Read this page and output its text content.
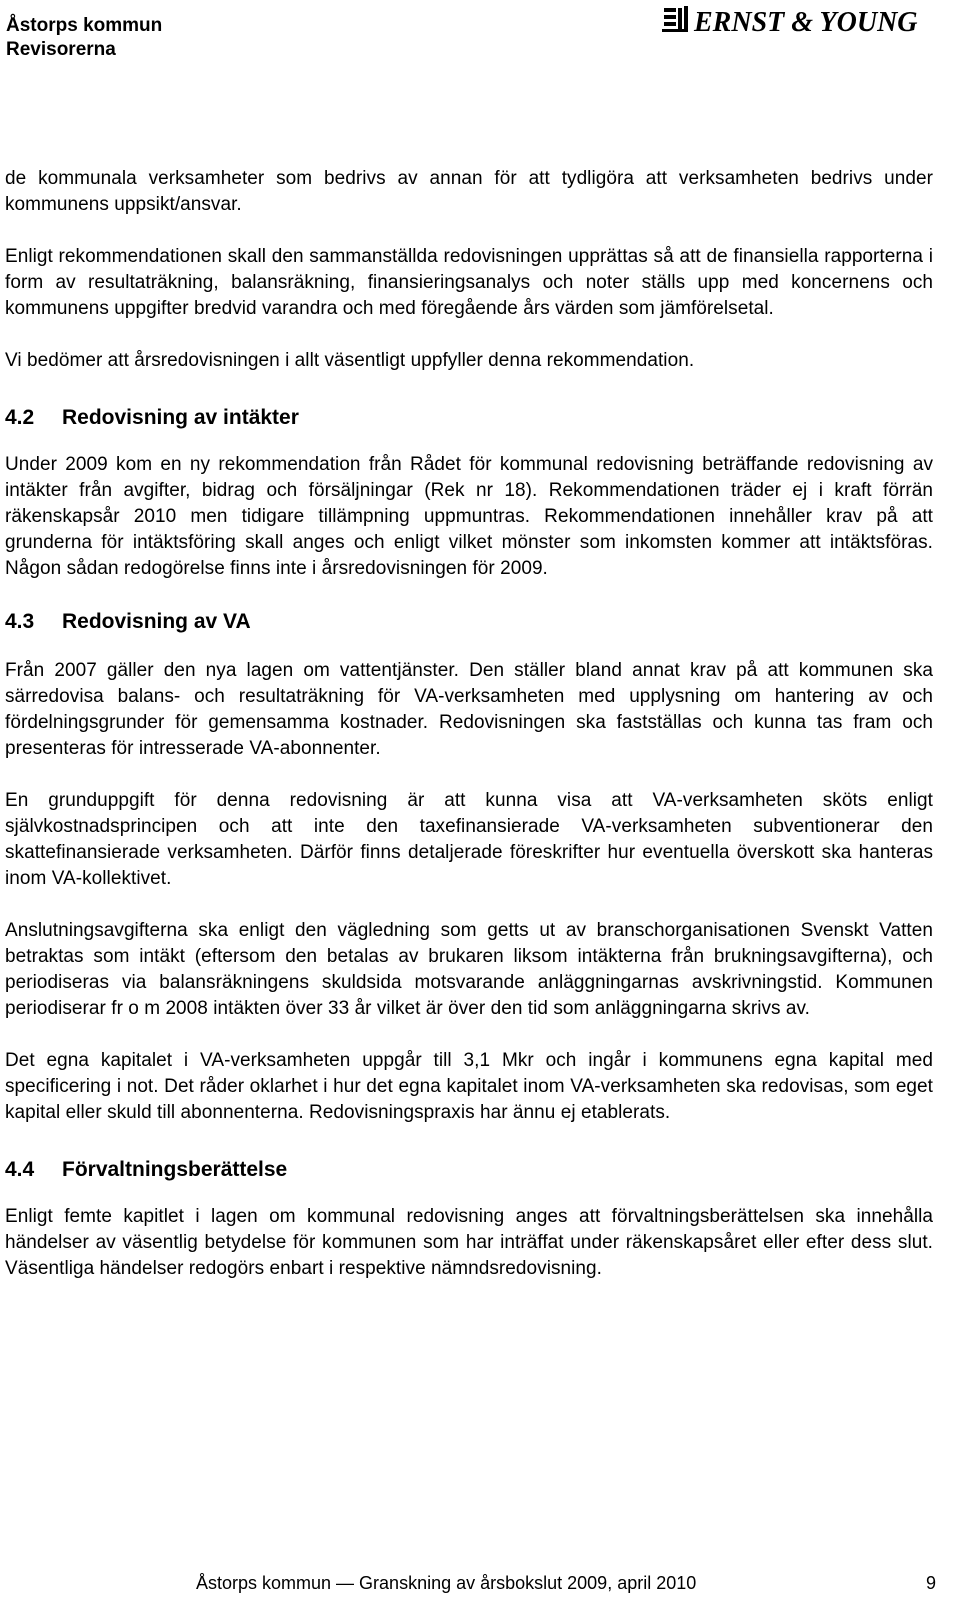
Åstorps kommun
Revisorerna
ERNST & YOUNG

de kommunala verksamheter som bedrivs av annan för att tydligöra att verksamheten bedrivs under kommunens uppsikt/ansvar.

Enligt rekommendationen skall den sammanställda redovisningen upprättas så att de finansiella rapporterna i form av resultaträkning, balansräkning, finansieringsanalys och noter ställs upp med koncernens och kommunens uppgifter bredvid varandra och med föregående års värden som jämförelsetal.

Vi bedömer att årsredovisningen i allt väsentligt uppfyller denna rekommendation.

4.2	Redovisning av intäkter

Under 2009 kom en ny rekommendation från Rådet för kommunal redovisning beträffande redovisning av intäkter från avgifter, bidrag och försäljningar (Rek nr 18). Rekommendationen träder ej i kraft förrän räkenskapsår 2010 men tidigare tillämpning uppmuntras. Rekommendationen innehåller krav på att grunderna för intäktsföring skall anges och enligt vilket mönster som inkomsten kommer att intäktsföras. Någon sådan redogörelse finns inte i årsredovisningen för 2009.

4.3	Redovisning av VA

Från 2007 gäller den nya lagen om vattentjänster. Den ställer bland annat krav på att kommunen ska särredovisa balans- och resultaträkning för VA-verksamheten med upplysning om hantering av och fördelningsgrunder för gemensamma kostnader. Redovisningen ska fastställas och kunna tas fram och presenteras för intresserade VA-abonnenter.

En grunduppgift för denna redovisning är att kunna visa att VA-verksamheten sköts enligt självkostnadsprincipen och att inte den taxefinansierade VA-verksamheten subventionerar den skattefinansierade verksamheten. Därför finns detaljerade föreskrifter hur eventuella överskott ska hanteras inom VA-kollektivet.

Anslutningsavgifterna ska enligt den vägledning som getts ut av branschorganisationen Svenskt Vatten betraktas som intäkt (eftersom den betalas av brukaren liksom intäkterna från brukningsavgifterna), och periodiseras via balansräkningens skuldsida motsvarande anläggningarnas avskrivningstid. Kommunen periodiserar fr o m 2008 intäkten över 33 år vilket är över den tid som anläggningarna skrivs av.

Det egna kapitalet i VA-verksamheten uppgår till 3,1 Mkr och ingår i kommunens egna kapital med specificering i not. Det råder oklarhet i hur det egna kapitalet inom VA-verksamheten ska redovisas, som eget kapital eller skuld till abonnenterna. Redovisningspraxis har ännu ej etablerats.

4.4	Förvaltningsberättelse

Enligt femte kapitlet i lagen om kommunal redovisning anges att förvaltningsberättelsen ska innehålla händelser av väsentlig betydelse för kommunen som har inträffat under räkenskapsåret eller efter dess slut. Väsentliga händelser redogörs enbart i respektive nämndsredovisning.

Åstorps kommun — Granskning av årsbokslut 2009, april 2010	9
